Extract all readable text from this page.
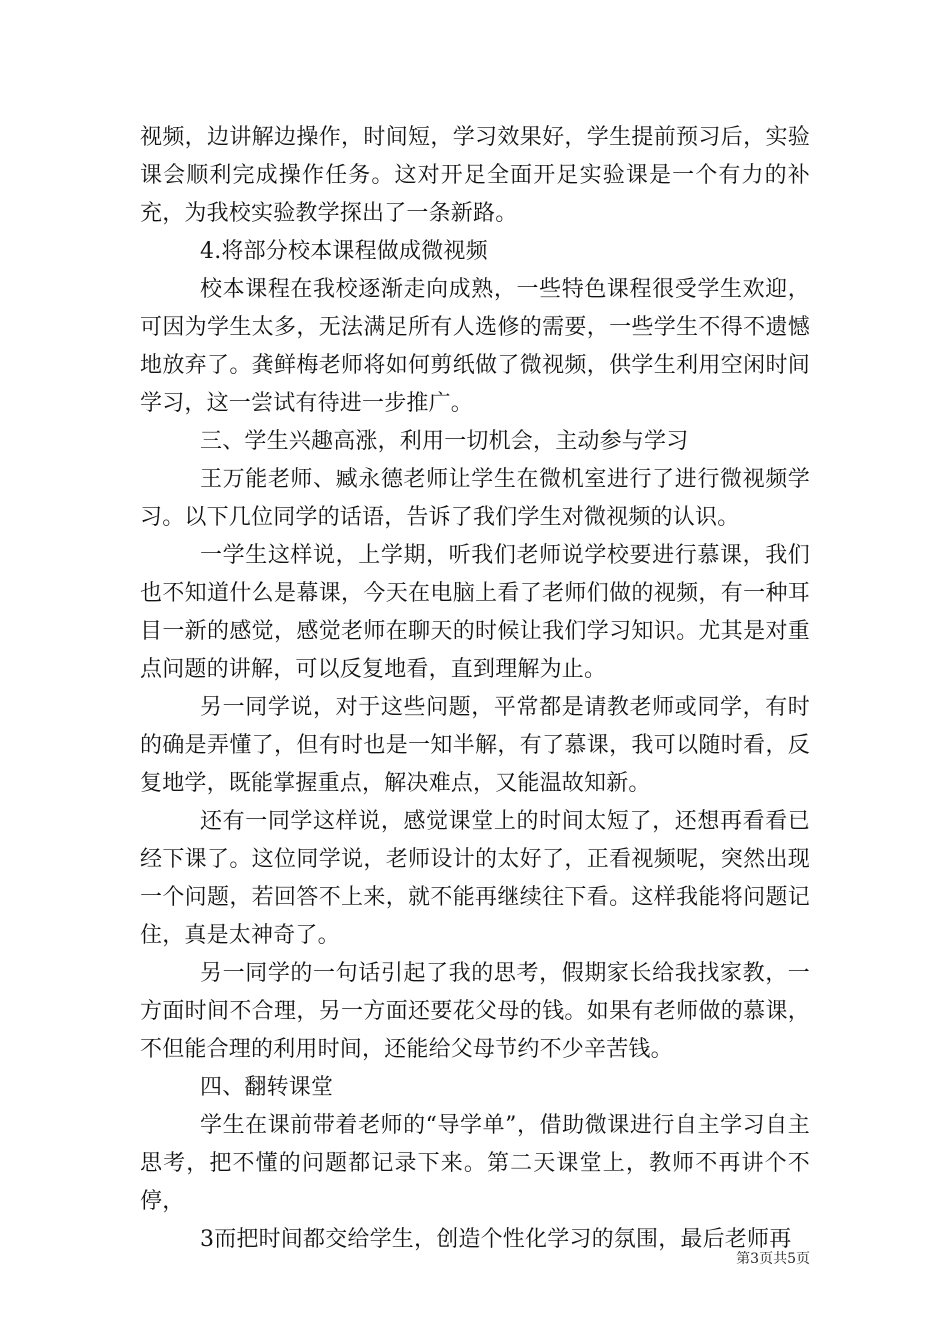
视频，边讲解边操作，时间短，学习效果好，学生提前预习后，实验课会顺利完成操作任务。这对开足全面开足实验课是一个有力的补充，为我校实验教学探出了一条新路。

4.将部分校本课程做成微视频

校本课程在我校逐渐走向成熟，一些特色课程很受学生欢迎，可因为学生太多，无法满足所有人选修的需要，一些学生不得不遗憾地放弃了。龚鲜梅老师将如何剪纸做了微视频，供学生利用空闲时间学习，这一尝试有待进一步推广。

三、学生兴趣高涨，利用一切机会，主动参与学习

王万能老师、臧永德老师让学生在微机室进行了进行微视频学习。以下几位同学的话语，告诉了我们学生对微视频的认识。

一学生这样说，上学期，听我们老师说学校要进行慕课，我们也不知道什么是幕课，今天在电脑上看了老师们做的视频，有一种耳目一新的感觉，感觉老师在聊天的时候让我们学习知识。尤其是对重点问题的讲解，可以反复地看，直到理解为止。

另一同学说，对于这些问题，平常都是请教老师或同学，有时的确是弄懂了，但有时也是一知半解，有了慕课，我可以随时看，反复地学，既能掌握重点，解决难点，又能温故知新。

还有一同学这样说，感觉课堂上的时间太短了，还想再看看已经下课了。这位同学说，老师设计的太好了，正看视频呢，突然出现一个问题，若回答不上来，就不能再继续往下看。这样我能将问题记住，真是太神奇了。

另一同学的一句话引起了我的思考，假期家长给我找家教，一方面时间不合理，另一方面还要花父母的钱。如果有老师做的慕课，不但能合理的利用时间，还能给父母节约不少辛苦钱。

四、翻转课堂

学生在课前带着老师的“导学单”，借助微课进行自主学习自主思考，把不懂的问题都记录下来。第二天课堂上，教师不再讲个不停，

3而把时间都交给学生，创造个性化学习的氛围，最后老师再

第3页共5页
